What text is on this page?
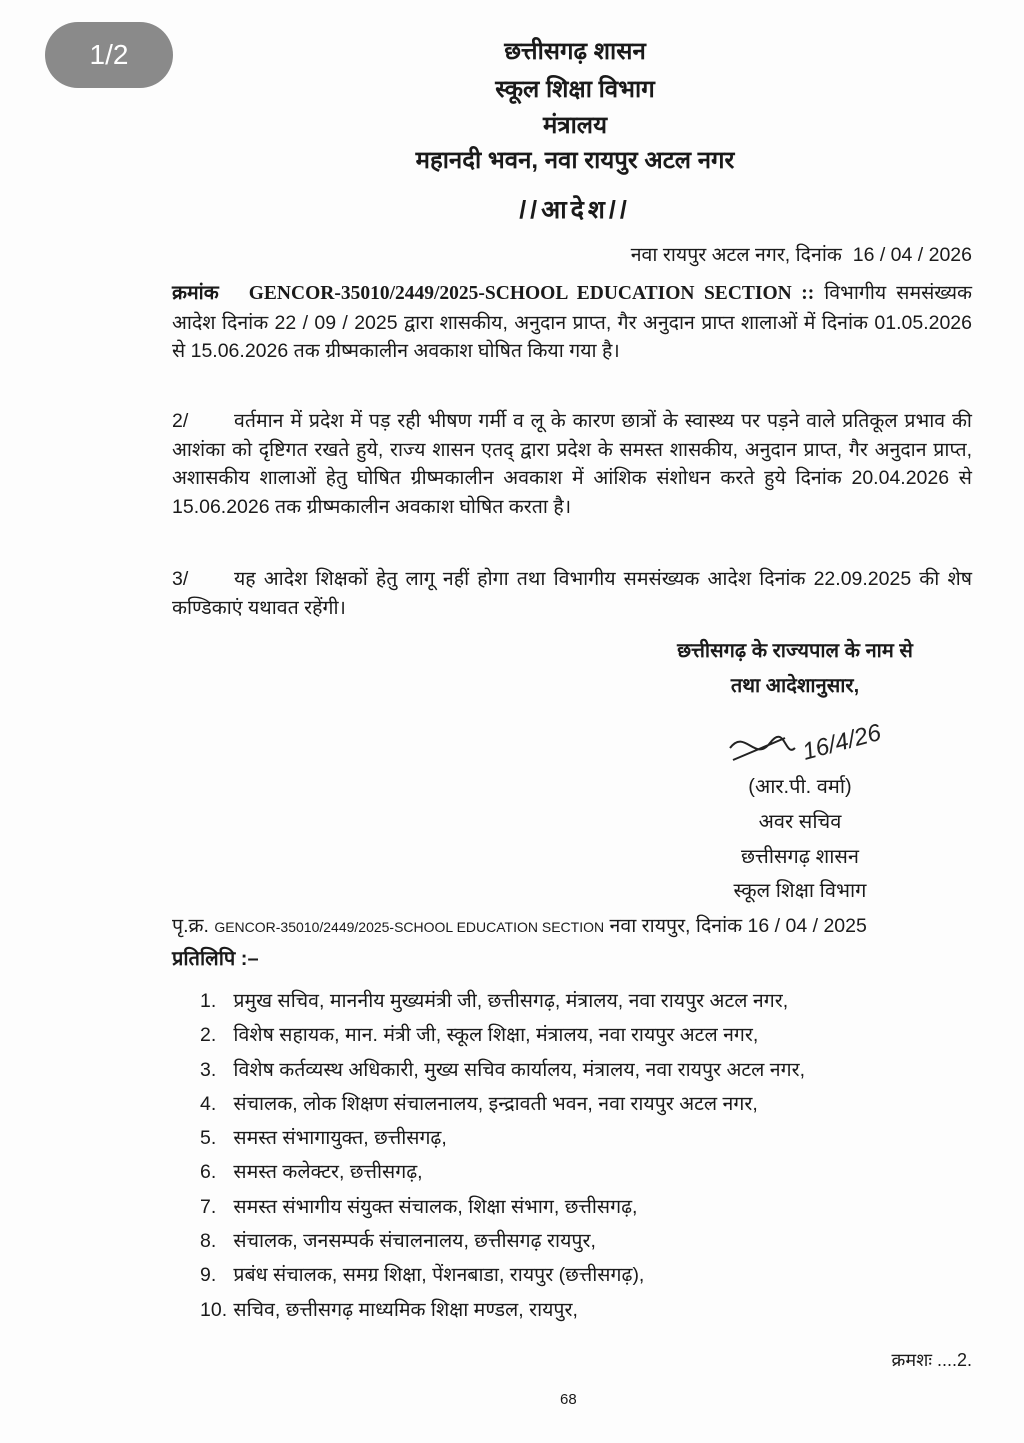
1/2	छत्तीसगढ़ शासन
स्कूल शिक्षा विभाग
मंत्रालय
महानदी भवन, नवा रायपुर अटल नगर
//आदेश//
नवा रायपुर अटल नगर, दिनांक  16 / 04 / 2026
क्रमांक GENCOR-35010/2449/2025-SCHOOL EDUCATION SECTION :: विभागीय समसंख्यक आदेश दिनांक 22 / 09 / 2025 द्वारा शासकीय, अनुदान प्राप्त, गैर अनुदान प्राप्त शालाओं में दिनांक 01.05.2026 से 15.06.2026 तक ग्रीष्मकालीन अवकाश घोषित किया गया है।
2/ वर्तमान में प्रदेश में पड़ रही भीषण गर्मी व लू के कारण छात्रों के स्वास्थ्य पर पड़ने वाले प्रतिकूल प्रभाव की आशंका को दृष्टिगत रखते हुये, राज्य शासन एतद् द्वारा प्रदेश के समस्त शासकीय, अनुदान प्राप्त, गैर अनुदान प्राप्त, अशासकीय शालाओं हेतु घोषित ग्रीष्मकालीन अवकाश में आंशिक संशोधन करते हुये दिनांक 20.04.2026 से 15.06.2026 तक ग्रीष्मकालीन अवकाश घोषित करता है।
3/ यह आदेश शिक्षकों हेतु लागू नहीं होगा तथा विभागीय समसंख्यक आदेश दिनांक 22.09.2025 की शेष कण्डिकाएं यथावत रहेंगी।
छत्तीसगढ़ के राज्यपाल के नाम से
तथा आदेशानुसार,
16/4/26
(आर.पी. वर्मा)
अवर सचिव
छत्तीसगढ़ शासन
स्कूल शिक्षा विभाग
पृ.क्र. GENCOR-35010/2449/2025-SCHOOL EDUCATION SECTION नवा रायपुर, दिनांक 16 / 04 / 2025
प्रतिलिपि :–
1. प्रमुख सचिव, माननीय मुख्यमंत्री जी, छत्तीसगढ़, मंत्रालय, नवा रायपुर अटल नगर,
2. विशेष सहायक, मान. मंत्री जी, स्कूल शिक्षा, मंत्रालय, नवा रायपुर अटल नगर,
3. विशेष कर्तव्यस्थ अधिकारी, मुख्य सचिव कार्यालय, मंत्रालय, नवा रायपुर अटल नगर,
4. संचालक, लोक शिक्षण संचालनालय, इन्द्रावती भवन, नवा रायपुर अटल नगर,
5. समस्त संभागायुक्त, छत्तीसगढ़,
6. समस्त कलेक्टर, छत्तीसगढ़,
7. समस्त संभागीय संयुक्त संचालक, शिक्षा संभाग, छत्तीसगढ़,
8. संचालक, जनसम्पर्क संचालनालय, छत्तीसगढ़ रायपुर,
9. प्रबंध संचालक, समग्र शिक्षा, पेंशनबाडा, रायपुर (छत्तीसगढ़),
10. सचिव, छत्तीसगढ़ माध्यमिक शिक्षा मण्डल, रायपुर,
क्रमशः ....2.
68
